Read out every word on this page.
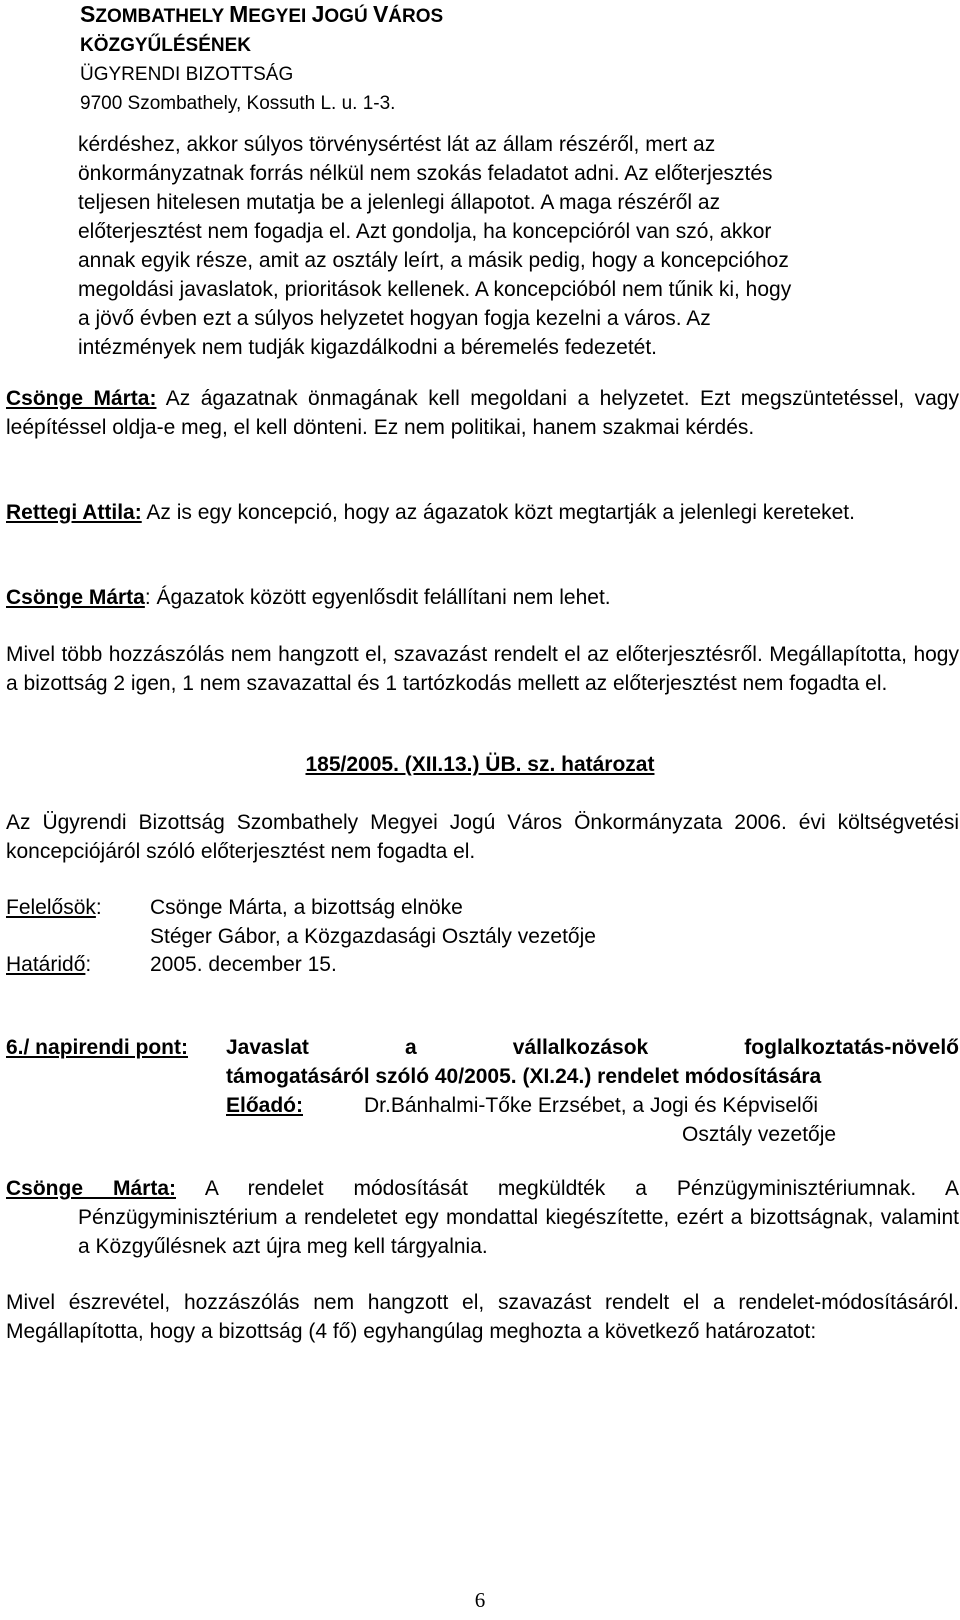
SZOMBATHELY MEGYEI JOGÚ VÁROS
KÖZGYŰLÉSÉNEK
ÜGYRENDI BIZOTTSÁG
9700 Szombathely, Kossuth L. u. 1-3.
kérdéshez, akkor súlyos törvénysértést lát az állam részéről, mert az
önkormányzatnak forrás nélkül nem szokás feladatot adni. Az előterjesztés
teljesen hitelesen mutatja be a jelenlegi állapotot. A maga részéről az
előterjesztést nem fogadja el. Azt gondolja, ha koncepcióról van szó, akkor
annak egyik része, amit az osztály leírt, a másik pedig, hogy a koncepcióhoz
megoldási javaslatok, prioritások kellenek. A koncepcióból nem tűnik ki, hogy
a jövő évben ezt a súlyos helyzetet hogyan fogja kezelni a város. Az
intézmények nem tudják kigazdálkodni a béremelés fedezetét.
Csönge Márta: Az ágazatnak önmagának kell megoldani a helyzetet. Ezt megszüntetéssel, vagy leépítéssel oldja-e meg, el kell dönteni. Ez nem politikai, hanem szakmai kérdés.
Rettegi Attila: Az is egy koncepció, hogy az ágazatok közt megtartják a jelenlegi kereteket.
Csönge Márta: Ágazatok között egyenlősdit felállítani nem lehet.
Mivel több hozzászólás nem hangzott el, szavazást rendelt el az előterjesztésről. Megállapította, hogy a bizottság 2 igen, 1 nem szavazattal és 1 tartózkodás mellett az előterjesztést nem fogadta el.
185/2005. (XII.13.) ÜB. sz. határozat
Az Ügyrendi Bizottság Szombathely Megyei Jogú Város Önkormányzata 2006. évi költségvetési koncepciójáról szóló előterjesztést nem fogadta el.
Felelősök: Csönge Márta, a bizottság elnöke
Stéger Gábor, a Közgazdasági Osztály vezetője
Határidő:	2005. december 15.
6./ napirendi pont: Javaslat	a	vállalkozások	foglalkoztatás-növelő
támogatásáról szóló 40/2005. (XI.24.) rendelet módosítására
Előadó:	Dr.Bánhalmi-Tőke Erzsébet, a Jogi és Képviselői
Osztály vezetője
Csönge Márta: A rendelet módosítását megküldték a Pénzügyminisztériumnak. A Pénzügyminisztérium a rendeletet egy mondattal kiegészítette, ezért a bizottságnak, valamint a Közgyűlésnek azt újra meg kell tárgyalnia.
Mivel észrevétel, hozzászólás nem hangzott el, szavazást rendelt el a rendelet-módosításáról. Megállapította, hogy a bizottság (4 fő) egyhangúlag meghozta a következő határozatot:
6
